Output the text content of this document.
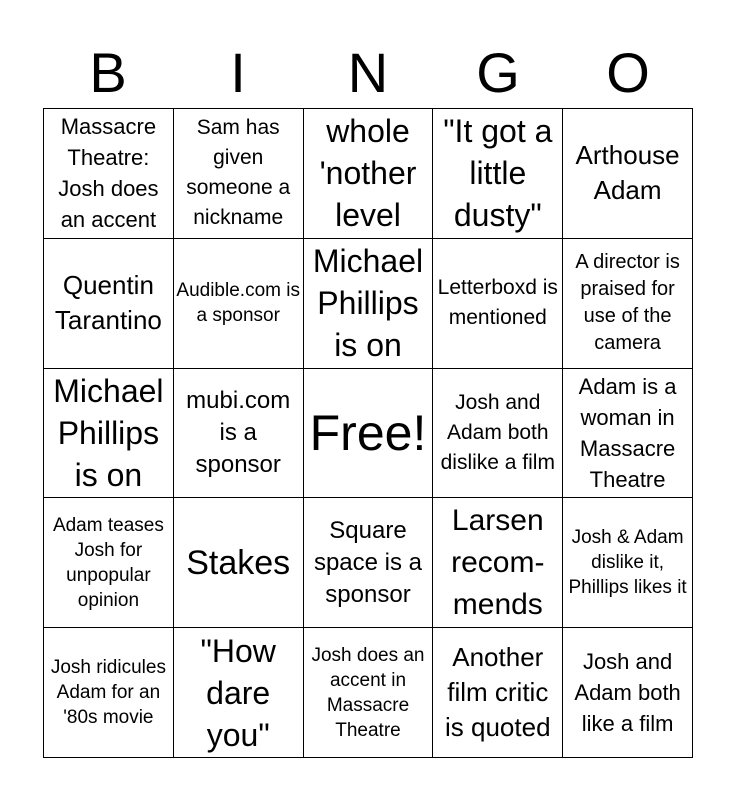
B	I	N	G	O
Massacre Theatre: Josh does an accent
Sam has given someone a nickname
whole 'nother level
"It got a little dusty"
Arthouse Adam
Quentin Tarantino
Audible.com is a sponsor
Michael Phillips is on
Letterboxd is mentioned
A director is praised for use of the camera
Michael Phillips is on
mubi.com is a sponsor
Free!
Josh and Adam both dislike a film
Adam is a woman in Massacre Theatre
Adam teases Josh for unpopular opinion
Stakes
Square space is a sponsor
Larsen recom-mends
Josh & Adam dislike it, Phillips likes it
Josh ridicules Adam for an '80s movie
"How dare you"
Josh does an accent in Massacre Theatre
Another film critic is quoted
Josh and Adam both like a film
